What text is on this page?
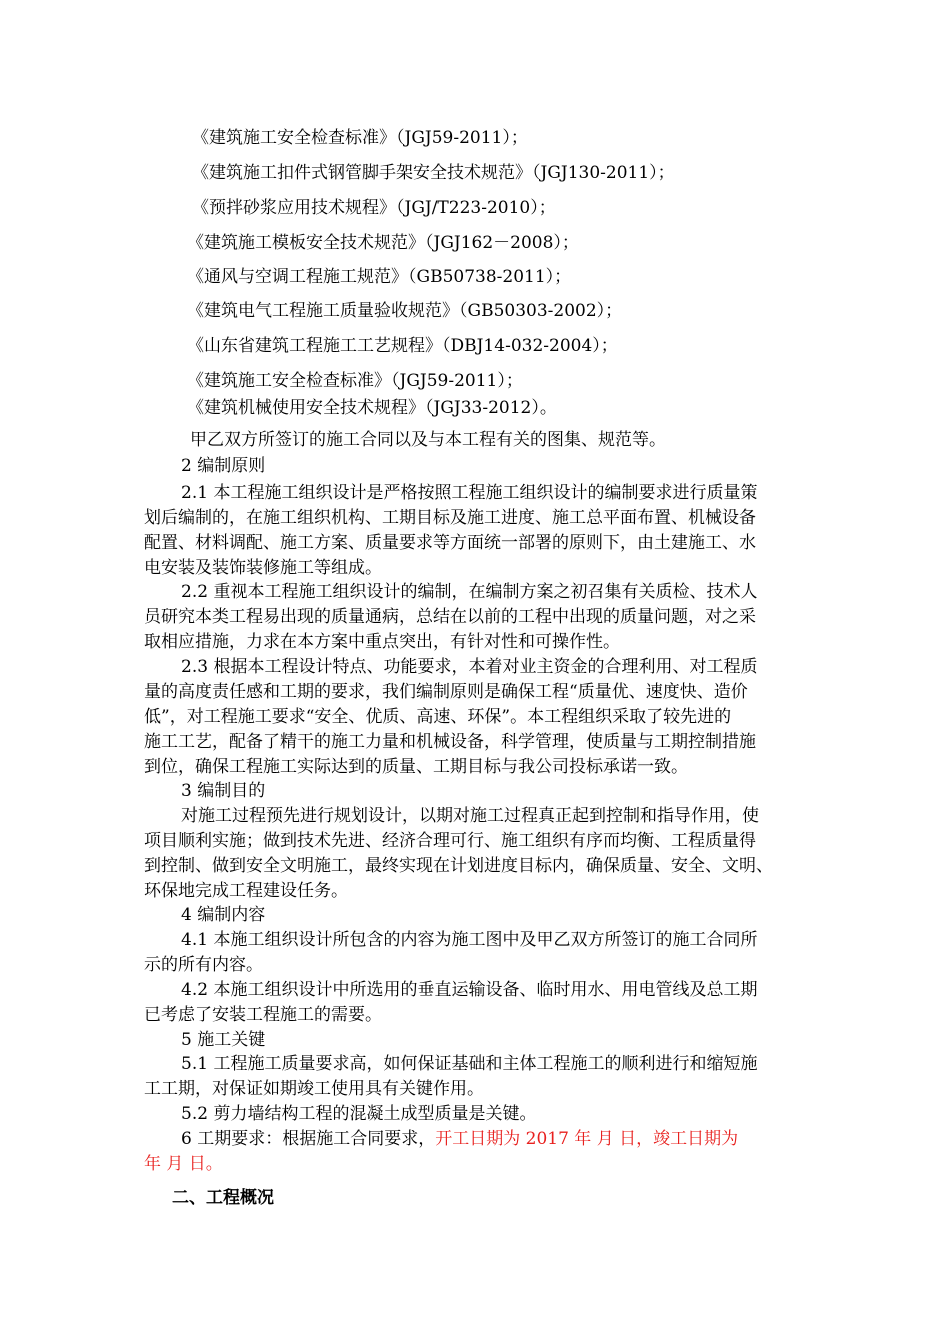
《建筑施工安全检查标准》（JGJ59-2011）；
《建筑施工扣件式钢管脚手架安全技术规范》（JGJ130-2011）；
《预拌砂浆应用技术规程》（JGJ/T223-2010）；
《建筑施工模板安全技术规范》（JGJ162－2008）；
《通风与空调工程施工规范》（GB50738-2011）；
《建筑电气工程施工质量验收规范》（GB50303-2002）；
《山东省建筑工程施工工艺规程》（DBJ14-032-2004）；
《建筑施工安全检查标准》（JGJ59-2011）；
《建筑机械使用安全技术规程》（JGJ33-2012）。
甲乙双方所签订的施工合同以及与本工程有关的图集、规范等。
2 编制原则
2.1 本工程施工组织设计是严格按照工程施工组织设计的编制要求进行质量策
划后编制的，在施工组织机构、工期目标及施工进度、施工总平面布置、机械设备
配置、材料调配、施工方案、质量要求等方面统一部署的原则下，由土建施工、水
电安装及装饰装修施工等组成。
2.2 重视本工程施工组织设计的编制，在编制方案之初召集有关质检、技术人
员研究本类工程易出现的质量通病，总结在以前的工程中出现的质量问题，对之采
取相应措施，力求在本方案中重点突出，有针对性和可操作性。
2.3 根据本工程设计特点、功能要求，本着对业主资金的合理利用、对工程质
量的高度责任感和工期的要求，我们编制原则是确保工程“质量优、速度快、造价
低”，对工程施工要求“安全、优质、高速、环保”。本工程组织采取了较先进的
施工工艺，配备了精干的施工力量和机械设备，科学管理，使质量与工期控制措施
到位，确保工程施工实际达到的质量、工期目标与我公司投标承诺一致。
3 编制目的
对施工过程预先进行规划设计，以期对施工过程真正起到控制和指导作用，使
项目顺利实施；做到技术先进、经济合理可行、施工组织有序而均衡、工程质量得
到控制、做到安全文明施工，最终实现在计划进度目标内，确保质量、安全、文明、
环保地完成工程建设任务。
4 编制内容
4.1 本施工组织设计所包含的内容为施工图中及甲乙双方所签订的施工合同所
示的所有内容。
4.2 本施工组织设计中所选用的垂直运输设备、临时用水、用电管线及总工期
已考虑了安装工程施工的需要。
5 施工关键
5.1 工程施工质量要求高，如何保证基础和主体工程施工的顺利进行和缩短施
工工期，对保证如期竣工使用具有关键作用。
5.2 剪力墙结构工程的混凝土成型质量是关键。
6 工期要求：根据施工合同要求，开工日期为 2017 年 月 日，竣工日期为
年 月 日。
二、工程概况
